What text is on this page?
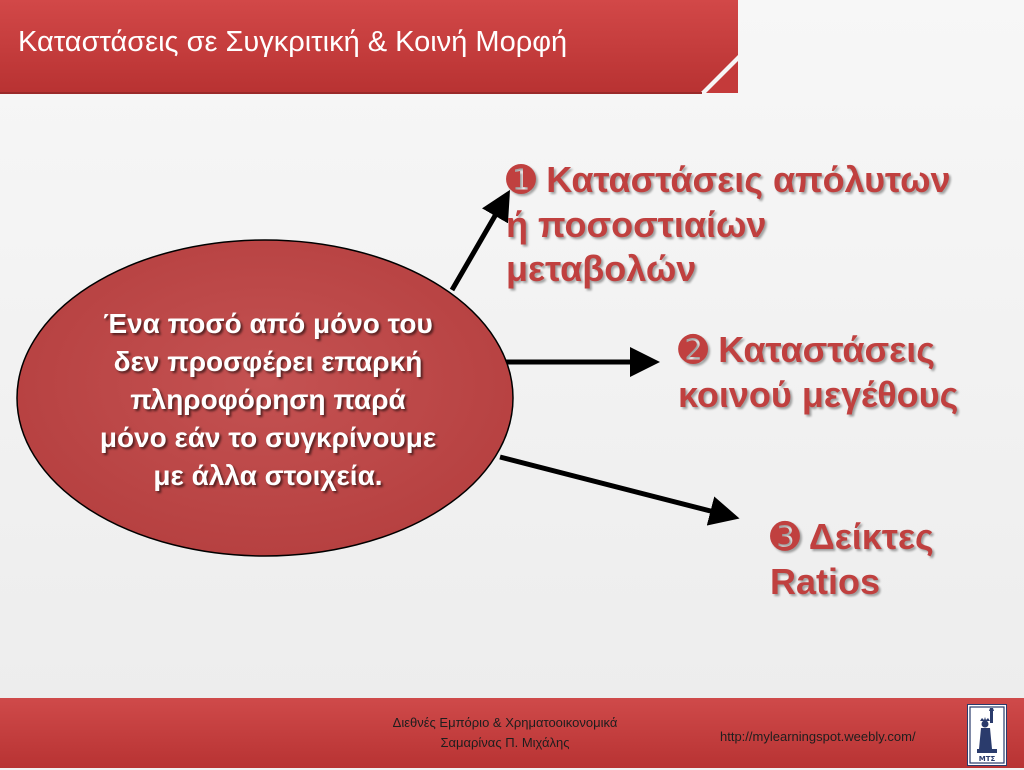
Καταστάσεις σε Συγκριτική & Κοινή Μορφή
Ένα ποσό από μόνο του
δεν προσφέρει επαρκή
πληροφόρηση παρά
μόνο εάν το συγκρίνουμε
με άλλα στοιχεία.
➊ Καταστάσεις απόλυτων
ή ποσοστιαίων
μεταβολών
➋ Καταστάσεις
κοινού μεγέθους
➌ Δείκτες
Ratios
Διεθνές Εμπόριο & Χρηματοοικονομικά
Σαμαρίνας Π. Μιχάλης	http://mylearningspot.weebly.com/
ΜΤΣ
